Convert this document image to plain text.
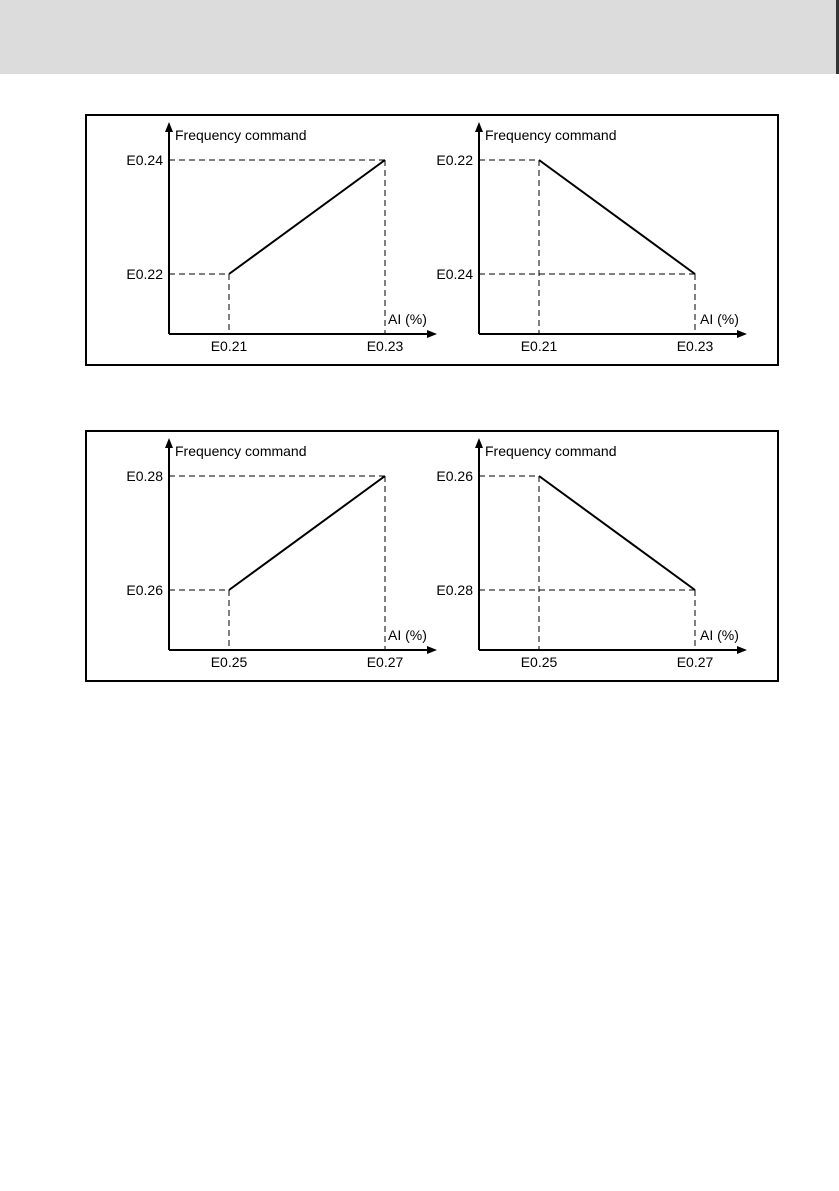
Frequency command
AI (%)
E0.24
E0.22
E0.21	E0.23
Frequency command
AI (%)
E0.22
E0.24
E0.21	E0.23
Frequency command
AI (%)
E0.28
E0.26
E0.25	E0.27
Frequency command
AI (%)
E0.26
E0.28
E0.25	E0.27
